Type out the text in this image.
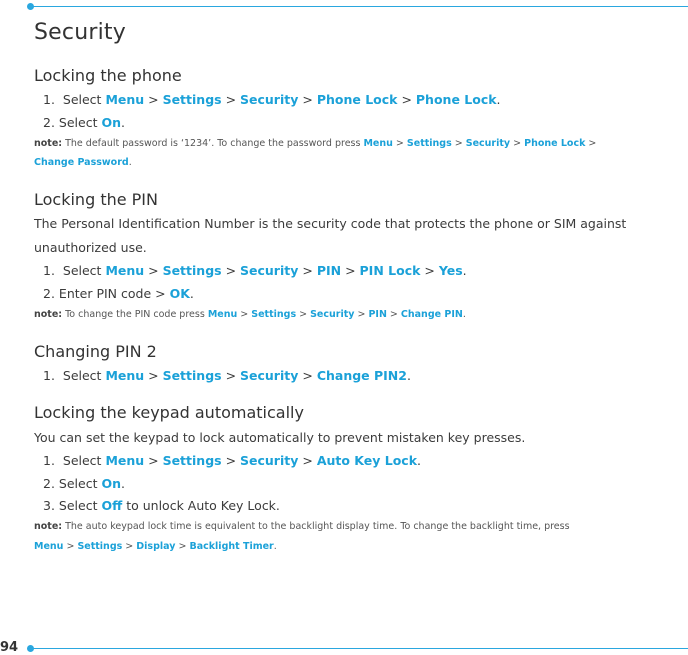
Security
Locking the phone
1. Select Menu > Settings > Security > Phone Lock > Phone Lock.
2. Select On.
note: The default password is ‘1234’. To change the password press Menu > Settings > Security > Phone Lock >
Change Password.
Locking the PIN
The Personal Identification Number is the security code that protects the phone or SIM against
unauthorized use.
1. Select Menu > Settings > Security > PIN > PIN Lock > Yes.
2. Enter PIN code > OK.
note: To change the PIN code press Menu > Settings > Security > PIN > Change PIN.
Changing PIN 2
1. Select Menu > Settings > Security > Change PIN2.
Locking the keypad automatically
You can set the keypad to lock automatically to prevent mistaken key presses.
1. Select Menu > Settings > Security > Auto Key Lock.
2. Select On.
3. Select Off to unlock Auto Key Lock.
note: The auto keypad lock time is equivalent to the backlight display time. To change the backlight time, press
Menu > Settings > Display > Backlight Timer.
94
